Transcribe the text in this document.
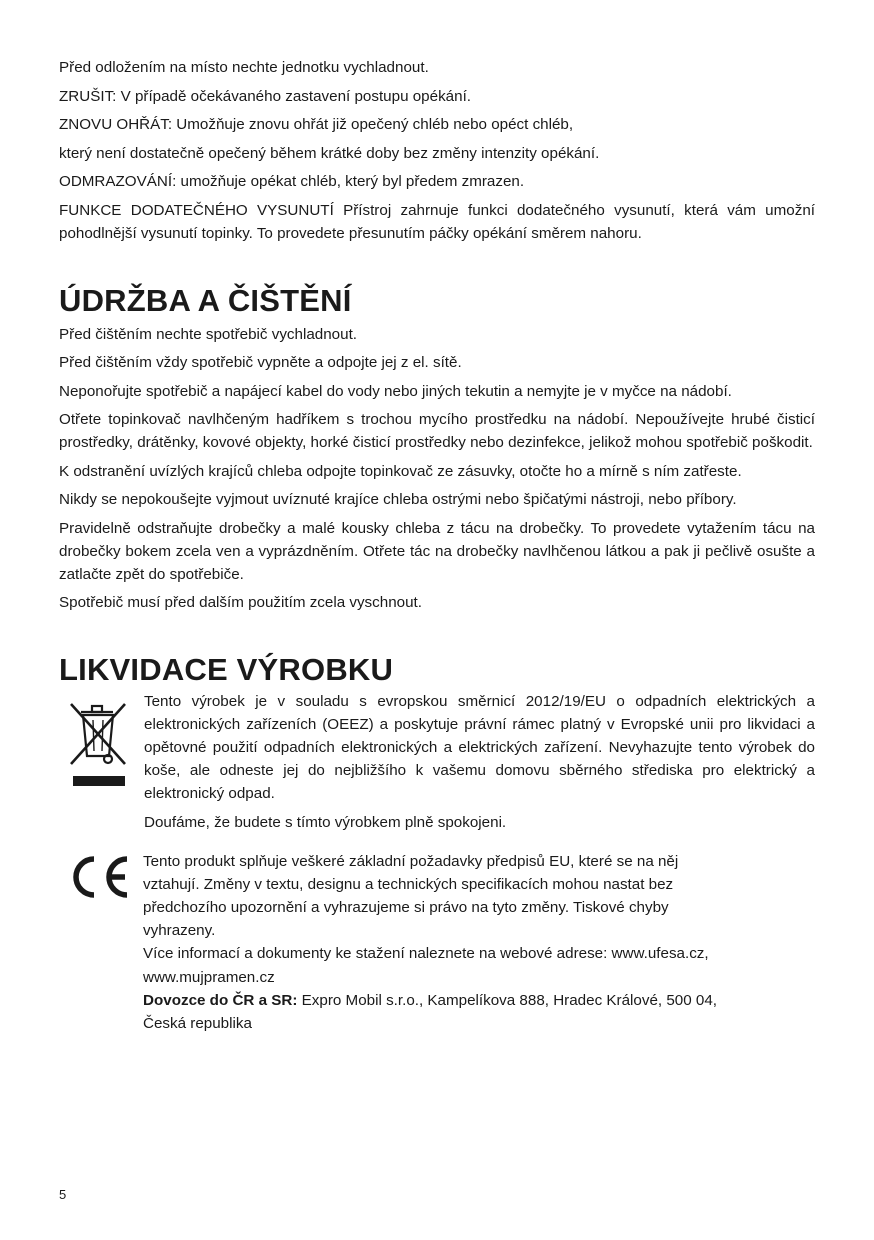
Před odložením na místo nechte jednotku vychladnout.

ZRUŠIT: V případě očekávaného zastavení postupu opékání.

ZNOVU OHŘÁT: Umožňuje znovu ohřát již opečený chléb nebo opéct chléb,

který není dostatečně opečený během krátké doby bez změny intenzity opékání.

ODMRAZOVÁNÍ: umožňuje opékat chléb, který byl předem zmrazen.

FUNKCE DODATEČNÉHO VYSUNUTÍ Přístroj zahrnuje funkci dodatečného vysunutí, která vám umožní pohodlnější vysunutí topinky. To provedete přesunutím páčky opékání směrem nahoru.

ÚDRŽBA A ČIŠTĚNÍ

Před čištěním nechte spotřebič vychladnout.

Před čištěním vždy spotřebič vypněte a odpojte jej z el. sítě.

Neponořujte spotřebič a napájecí kabel do vody nebo jiných tekutin a nemyjte je v myčce na nádobí.

Otřete topinkovač navlhčeným hadříkem s trochou mycího prostředku na nádobí. Nepoužívejte hrubé čisticí prostředky, drátěnky, kovové objekty, horké čisticí prostředky nebo dezinfekce, jelikož mohou spotřebič poškodit.

K odstranění uvízlých krajíců chleba odpojte topinkovač ze zásuvky, otočte ho a mírně s ním zatřeste.

Nikdy se nepokoušejte vyjmout uvíznuté krajíce chleba ostrými nebo špičatými nástroji, nebo příbory.

Pravidelně odstraňujte drobečky a malé kousky chleba z tácu na drobečky. To provedete vytažením tácu na drobečky bokem zcela ven a vyprázdněním. Otřete tác na drobečky navlhčenou látkou a pak ji pečlivě osušte a zatlačte zpět do spotřebiče.

Spotřebič musí před dalším použitím zcela vyschnout.

LIKVIDACE VÝROBKU

Tento výrobek je v souladu s evropskou směrnicí 2012/19/EU o odpadních elektrických a elektronických zařízeních (OEEZ) a poskytuje právní rámec platný v Evropské unii pro likvidaci a opětovné použití odpadních elektronických a elektrických zařízení. Nevyhazujte tento výrobek do koše, ale odneste jej do nejbližšího k vašemu domovu sběrného střediska pro elektrický a elektronický odpad.

Doufáme, že budete s tímto výrobkem plně spokojeni.

Tento produkt splňuje veškeré základní požadavky předpisů EU, které se na něj

vztahují. Změny v textu, designu a technických specifikacích mohou nastat bez

předchozího upozornění a vyhrazujeme si právo na tyto změny. Tiskové chyby

vyhrazeny.

Více informací a dokumenty ke stažení naleznete na webové adrese: www.ufesa.cz,

www.mujpramen.cz

Dovozce do ČR a SR: Expro Mobil s.r.o., Kampelíkova 888, Hradec Králové, 500 04,

Česká republika

5
